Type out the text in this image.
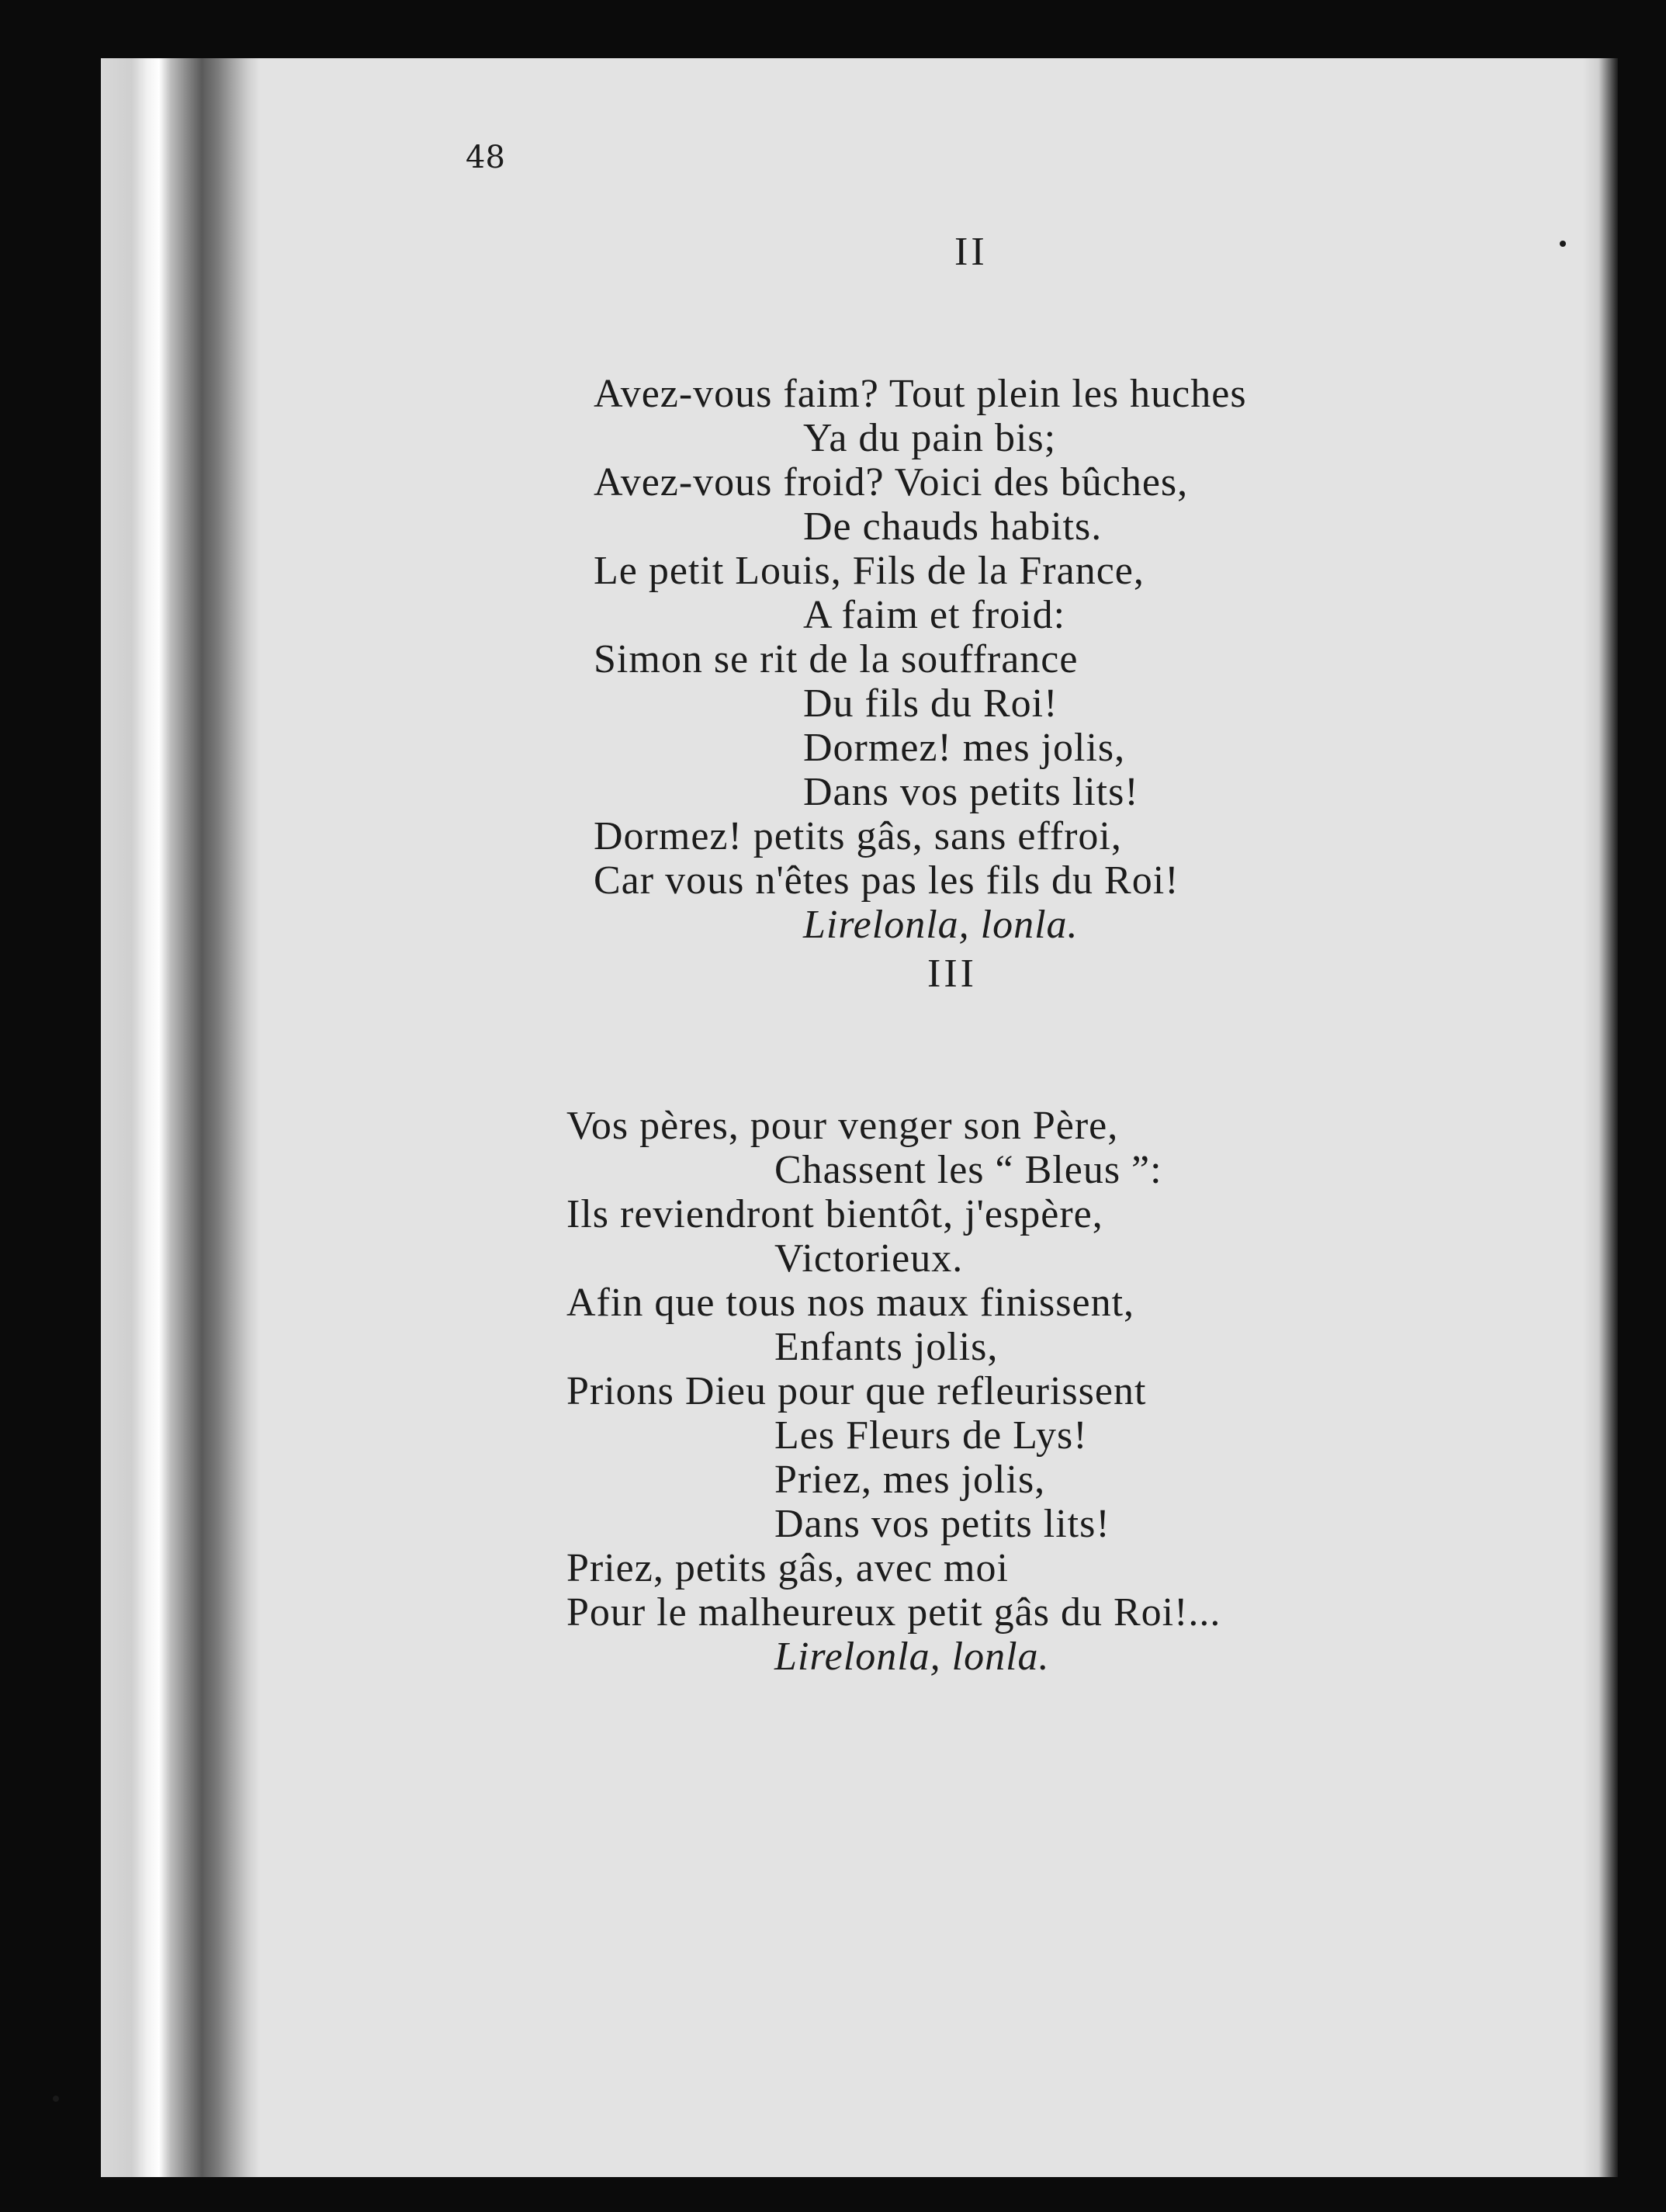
48
II
Avez-vous faim? Tout plein les huches
Ya du pain bis;
Avez-vous froid? Voici des bûches,
De chauds habits.
Le petit Louis, Fils de la France,
A faim et froid:
Simon se rit de la souffrance
Du fils du Roi!
Dormez! mes jolis,
Dans vos petits lits!
Dormez! petits gâs, sans effroi,
Car vous n'êtes pas les fils du Roi!
Lirelonla, lonla.
III
Vos pères, pour venger son Père,
Chassent les “ Bleus ”:
Ils reviendront bientôt, j'espère,
Victorieux.
Afin que tous nos maux finissent,
Enfants jolis,
Prions Dieu pour que refleurissent
Les Fleurs de Lys!
Priez, mes jolis,
Dans vos petits lits!
Priez, petits gâs, avec moi
Pour le malheureux petit gâs du Roi!...
Lirelonla, lonla.
